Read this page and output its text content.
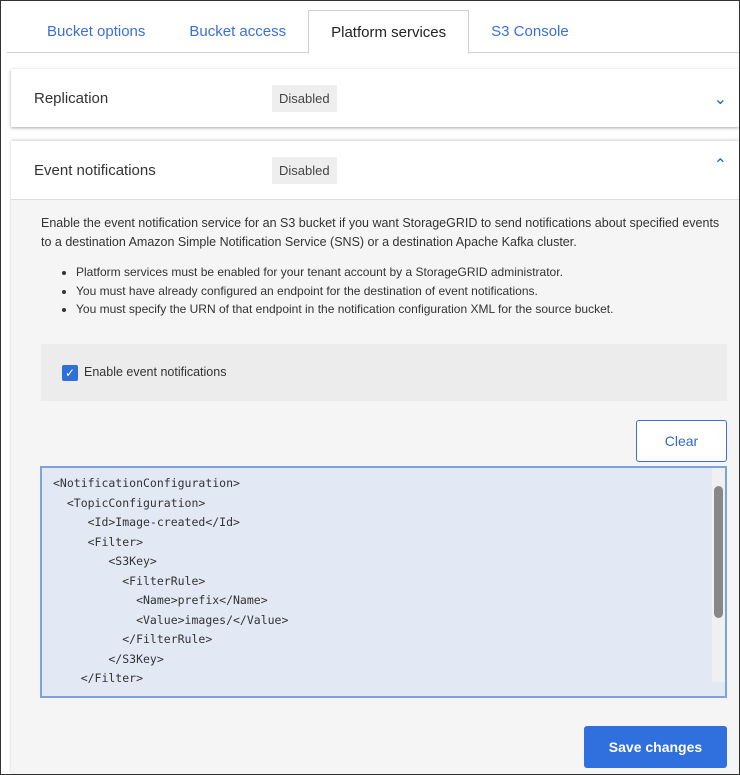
Bucket options	Bucket access	Platform services	S3 Console
Replication	Disabled	⌄
Event notifications	Disabled	⌃

Enable the event notification service for an S3 bucket if you want StorageGRID to send notifications about specified events to a destination Amazon Simple Notification Service (SNS) or a destination Apache Kafka cluster.

• Platform services must be enabled for your tenant account by a StorageGRID administrator.
• You must have already configured an endpoint for the destination of event notifications.
• You must specify the URN of that endpoint in the notification configuration XML for the source bucket.
✓ Enable event notifications
Clear
<NotificationConfiguration>
<TopicConfiguration>
<Id>Image-created</Id>
<Filter>
<S3Key>
<FilterRule>
<Name>prefix</Name>
<Value>images/</Value>
</FilterRule>
</S3Key>
</Filter>
Save changes
